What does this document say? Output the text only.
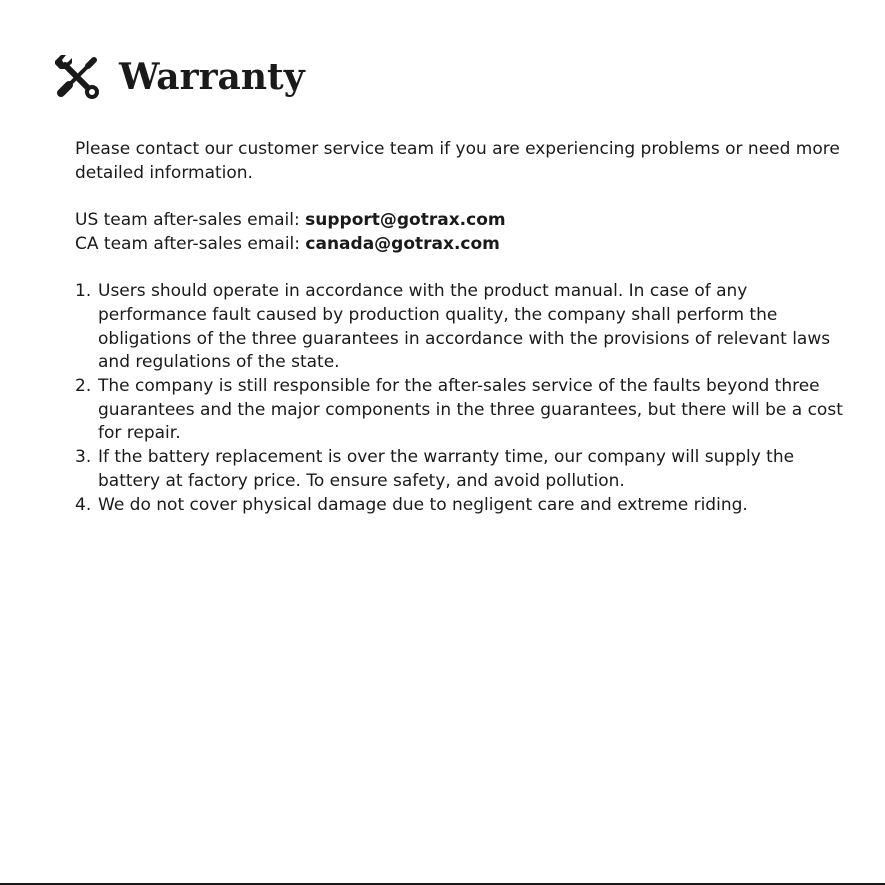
Warranty

Please contact our customer service team if you are experiencing problems or need more detailed information.

US team after-sales email: support@gotrax.com
CA team after-sales email: canada@gotrax.com
1. Users should operate in accordance with the product manual. In case of any performance fault caused by production quality, the company shall perform the obligations of the three guarantees in accordance with the provisions of relevant laws and regulations of the state.
2. The company is still responsible for the after-sales service of the faults beyond three guarantees and the major components in the three guarantees, but there will be a cost for repair.
3. If the battery replacement is over the warranty time, our company will supply the battery at factory price. To ensure safety, and avoid pollution.
4. We do not cover physical damage due to negligent care and extreme riding.
